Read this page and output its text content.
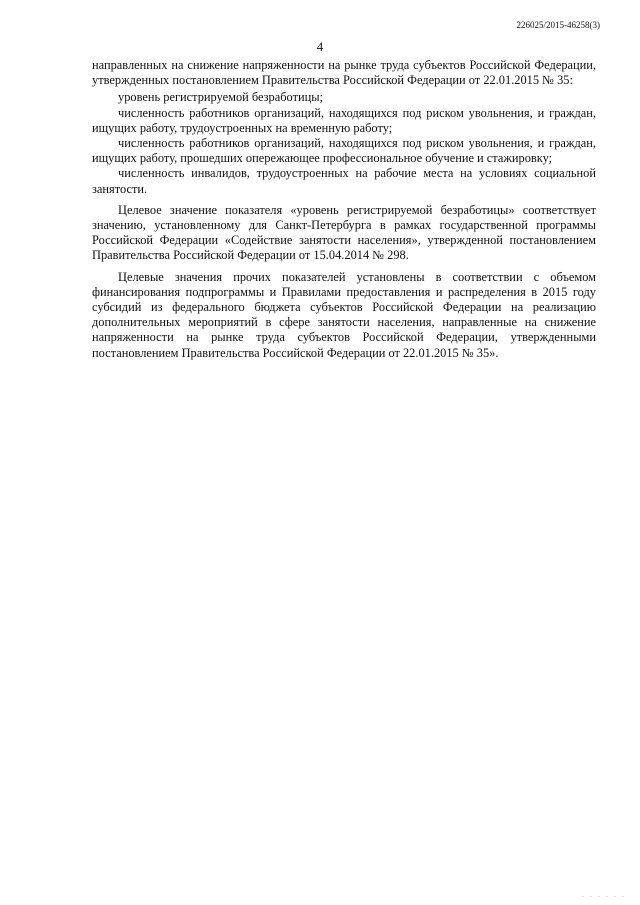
226025/2015-46258(3)
4

направленных на снижение напряженности на рынке труда субъектов Российской Федерации, утвержденных постановлением Правительства Российской Федерации от 22.01.2015 № 35:

уровень регистрируемой безработицы;

численность работников организаций, находящихся под риском увольнения, и граждан, ищущих работу, трудоустроенных на временную работу;

численность работников организаций, находящихся под риском увольнения, и граждан, ищущих работу, прошедших опережающее профессиональное обучение и стажировку;

численность инвалидов, трудоустроенных на рабочие места на условиях социальной занятости.

Целевое значение показателя «уровень регистрируемой безработицы» соответствует значению, установленному для Санкт-Петербурга в рамках государственной программы Российской Федерации «Содействие занятости населения», утвержденной постановлением Правительства Российской Федерации от 15.04.2014 № 298.

Целевые значения прочих показателей установлены в соответствии с объемом финансирования подпрограммы и Правилами предоставления и распределения в 2015 году субсидий из федерального бюджета субъектов Российской Федерации на реализацию дополнительных мероприятий в сфере занятости населения, направленные на снижение напряженности на рынке труда субъектов Российской Федерации, утвержденными постановлением Правительства Российской Федерации от 22.01.2015 № 35».

. . . . . .
